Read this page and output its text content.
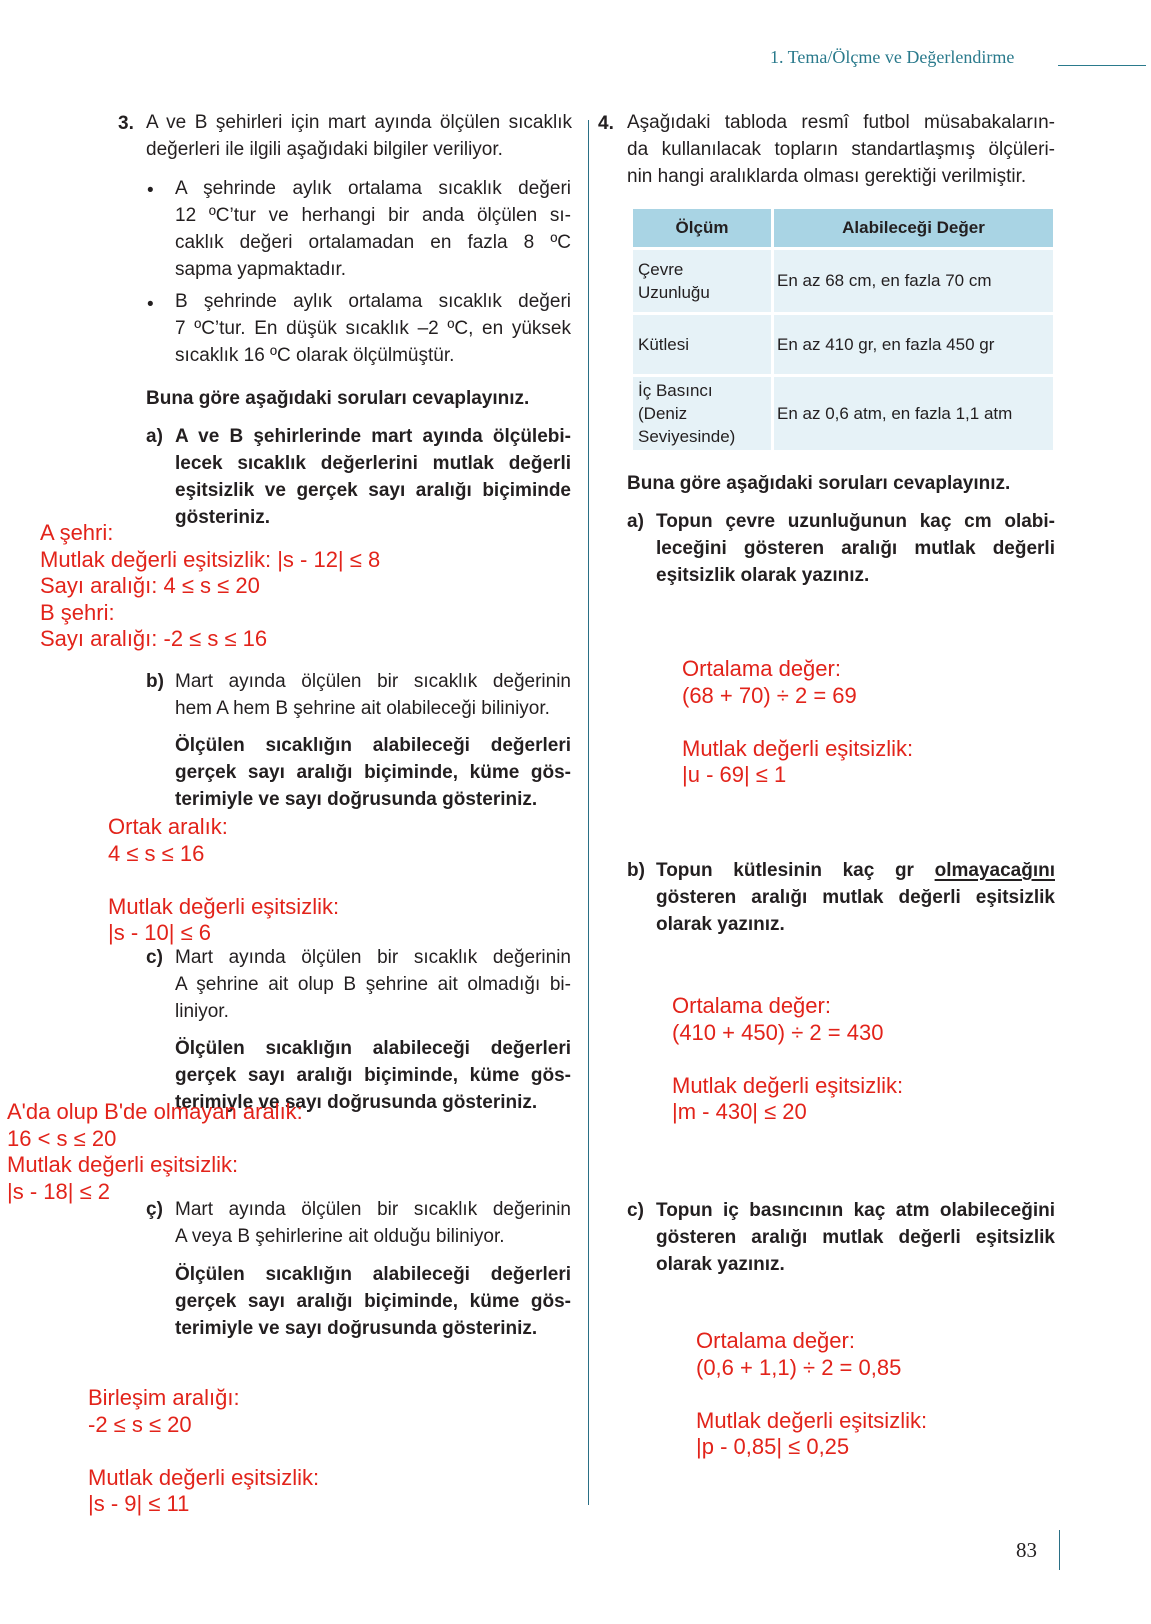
1. Tema/Ölçme ve Değerlendirme
3. A ve B şehirleri için mart ayında ölçülen sıcaklık
değerleri ile ilgili aşağıdaki bilgiler veriliyor.
• A şehrinde aylık ortalama sıcaklık değeri
12 ºC’tur ve herhangi bir anda ölçülen sı-
caklık değeri ortalamadan en fazla 8 ºC
sapma yapmaktadır.
• B şehrinde aylık ortalama sıcaklık değeri
7 ºC’tur. En düşük sıcaklık –2 ºC, en yüksek
sıcaklık 16 ºC olarak ölçülmüştür.
Buna göre aşağıdaki soruları cevaplayınız.
a) A ve B şehirlerinde mart ayında ölçülebi-
lecek sıcaklık değerlerini mutlak değerli
eşitsizlik ve gerçek sayı aralığı biçiminde
gösteriniz.
A şehri:
Mutlak değerli eşitsizlik: |s - 12| ≤ 8
Sayı aralığı: 4 ≤ s ≤ 20
B şehri:
Sayı aralığı: -2 ≤ s ≤ 16
b) Mart ayında ölçülen bir sıcaklık değerinin
hem A hem B şehrine ait olabileceği biliniyor.
Ölçülen sıcaklığın alabileceği değerleri
gerçek sayı aralığı biçiminde, küme gös-
terimiyle ve sayı doğrusunda gösteriniz.
Ortak aralık:
4 ≤ s ≤ 16
Mutlak değerli eşitsizlik:
|s - 10| ≤ 6
c) Mart ayında ölçülen bir sıcaklık değerinin
A şehrine ait olup B şehrine ait olmadığı bi-
liniyor.
Ölçülen sıcaklığın alabileceği değerleri
gerçek sayı aralığı biçiminde, küme gös-
terimiyle ve sayı doğrusunda gösteriniz.
A'da olup B'de olmayan aralık:
16 < s ≤ 20
Mutlak değerli eşitsizlik:
|s - 18| ≤ 2
ç) Mart ayında ölçülen bir sıcaklık değerinin
A veya B şehirlerine ait olduğu biliniyor.
Ölçülen sıcaklığın alabileceği değerleri
gerçek sayı aralığı biçiminde, küme gös-
terimiyle ve sayı doğrusunda gösteriniz.
Birleşim aralığı:
-2 ≤ s ≤ 20
Mutlak değerli eşitsizlik:
|s - 9| ≤ 11
4. Aşağıdaki tabloda resmî futbol müsabakaların-
da kullanılacak topların standartlaşmış ölçüleri-
nin hangi aralıklarda olması gerektiği verilmiştir.
Ölçüm	Alabileceği Değer

Çevre
Uzunluğu	En az 68 cm, en fazla 70 cm

Kütlesi	En az 410 gr, en fazla 450 gr

İç Basıncı
(Deniz
Seviyesinde)	En az 0,6 atm, en fazla 1,1 atm
Buna göre aşağıdaki soruları cevaplayınız.
a) Topun çevre uzunluğunun kaç cm olabi-
leceğini gösteren aralığı mutlak değerli
eşitsizlik olarak yazınız.
Ortalama değer:
(68 + 70) ÷ 2 = 69
Mutlak değerli eşitsizlik:
|u - 69| ≤ 1
b) Topun kütlesinin kaç gr olmayacağını
gösteren aralığı mutlak değerli eşitsizlik
olarak yazınız.
Ortalama değer:
(410 + 450) ÷ 2 = 430
Mutlak değerli eşitsizlik:
|m - 430| ≤ 20
c) Topun iç basıncının kaç atm olabileceğini
gösteren aralığı mutlak değerli eşitsizlik
olarak yazınız.
Ortalama değer:
(0,6 + 1,1) ÷ 2 = 0,85
Mutlak değerli eşitsizlik:
|p - 0,85| ≤ 0,25
83
